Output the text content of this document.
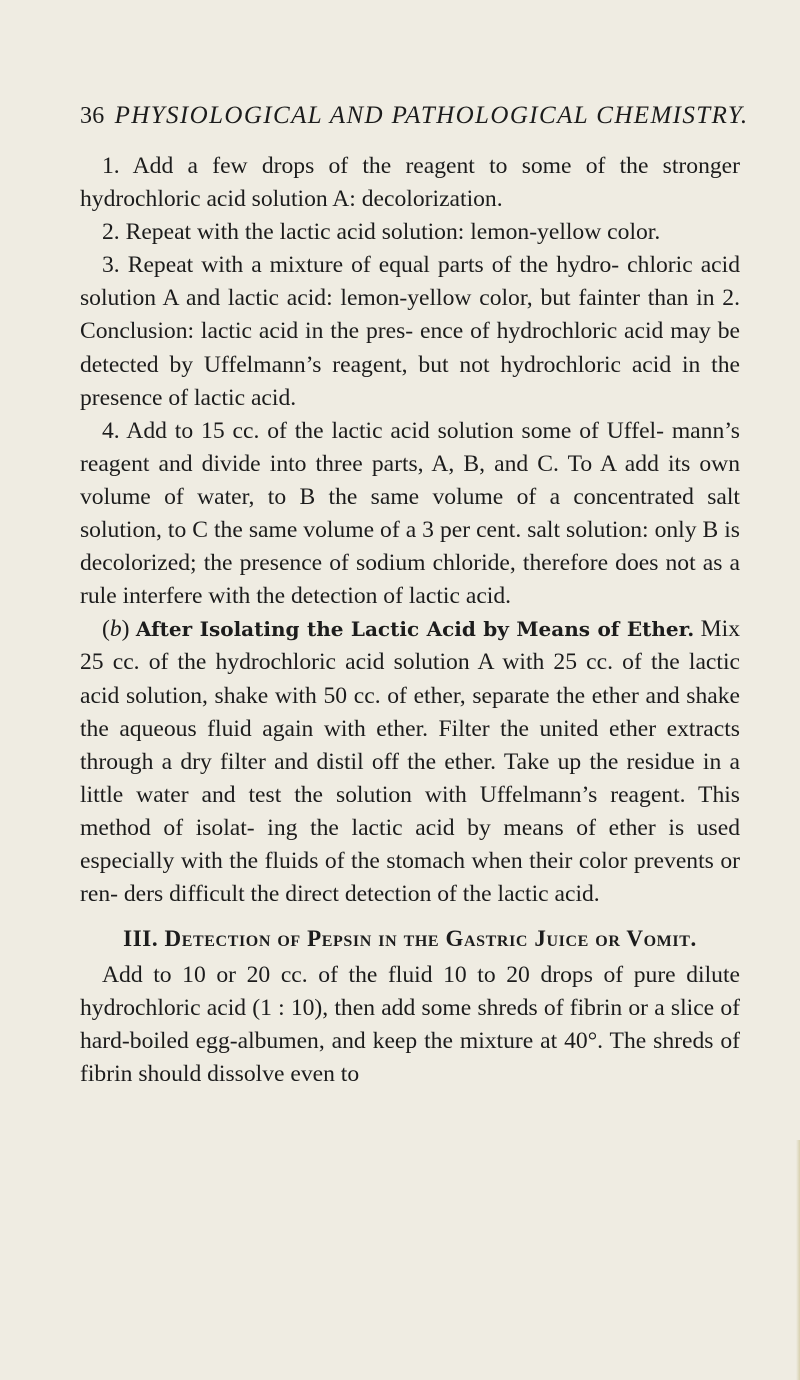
36 PHYSIOLOGICAL AND PATHOLOGICAL CHEMISTRY.

1. Add a few drops of the reagent to some of the stronger hydrochloric acid solution A: decolorization.

2. Repeat with the lactic acid solution: lemon-yellow color.

3. Repeat with a mixture of equal parts of the hydro- chloric acid solution A and lactic acid: lemon-yellow color, but fainter than in 2. Conclusion: lactic acid in the pres- ence of hydrochloric acid may be detected by Uffelmann’s reagent, but not hydrochloric acid in the presence of lactic acid.

4. Add to 15 cc. of the lactic acid solution some of Uffel- mann’s reagent and divide into three parts, A, B, and C. To A add its own volume of water, to B the same volume of a concentrated salt solution, to C the same volume of a 3 per cent. salt solution: only B is decolorized; the presence of sodium chloride, therefore does not as a rule interfere with the detection of lactic acid.

(b) After Isolating the Lactic Acid by Means of Ether. Mix 25 cc. of the hydrochloric acid solution A with 25 cc. of the lactic acid solution, shake with 50 cc. of ether, separate the ether and shake the aqueous fluid again with ether. Filter the united ether extracts through a dry filter and distil off the ether. Take up the residue in a little water and test the solution with Uffelmann’s reagent. This method of isolat- ing the lactic acid by means of ether is used especially with the fluids of the stomach when their color prevents or ren- ders difficult the direct detection of the lactic acid.

III. Detection of Pepsin in the Gastric Juice or Vomit.

Add to 10 or 20 cc. of the fluid 10 to 20 drops of pure dilute hydrochloric acid (1 : 10), then add some shreds of fibrin or a slice of hard-boiled egg-albumen, and keep the mixture at 40°. The shreds of fibrin should dissolve even to
